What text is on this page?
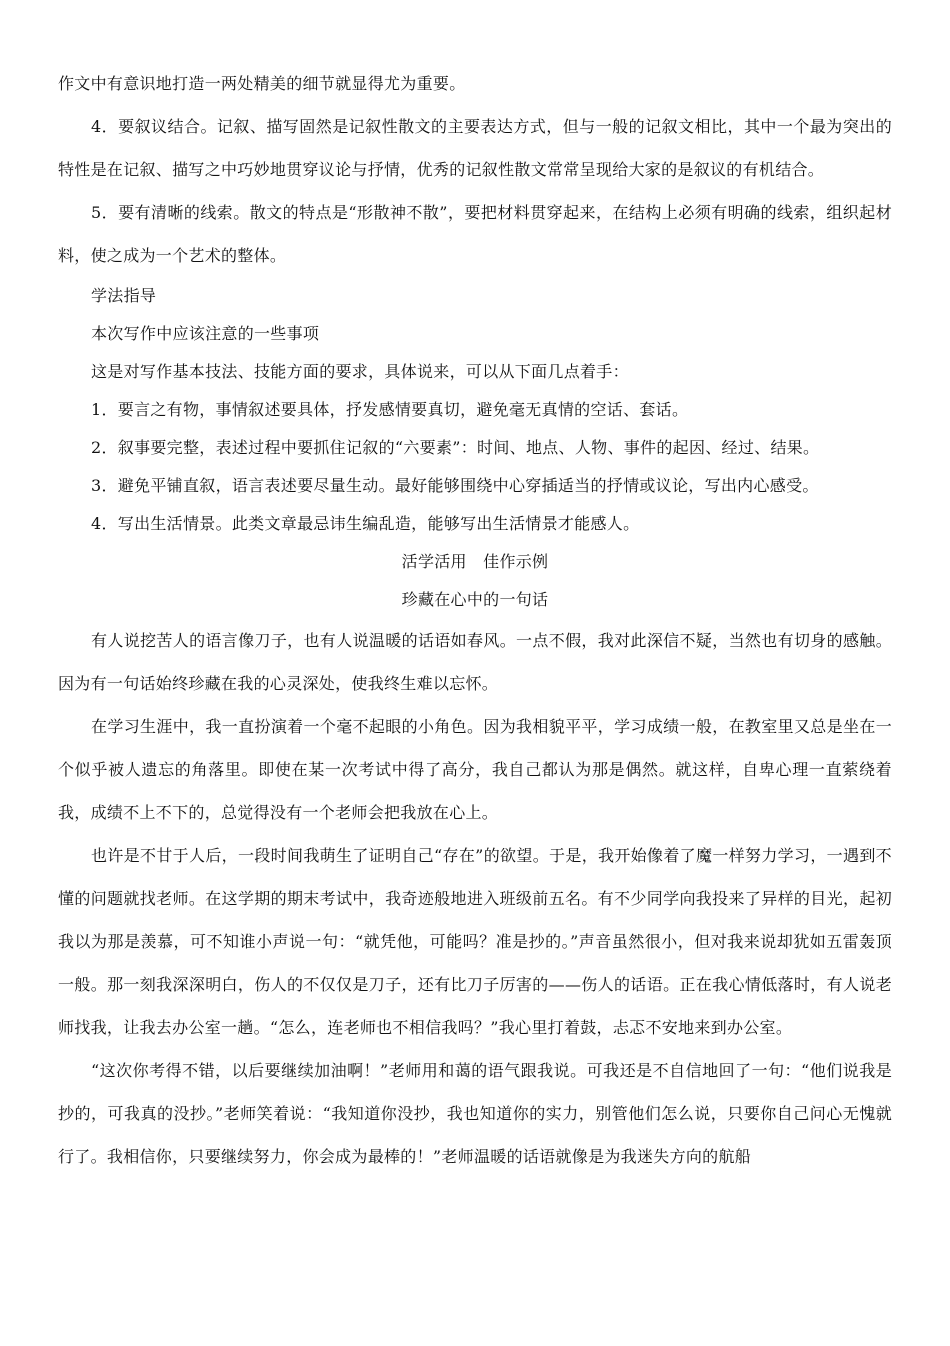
作文中有意识地打造一两处精美的细节就显得尤为重要。

4．要叙议结合。记叙、描写固然是记叙性散文的主要表达方式，但与一般的记叙文相比，其中一个最为突出的特性是在记叙、描写之中巧妙地贯穿议论与抒情，优秀的记叙性散文常常呈现给大家的是叙议的有机结合。

5．要有清晰的线索。散文的特点是“形散神不散”，要把材料贯穿起来，在结构上必须有明确的线索，组织起材料，使之成为一个艺术的整体。

学法指导

本次写作中应该注意的一些事项

这是对写作基本技法、技能方面的要求，具体说来，可以从下面几点着手：

1．要言之有物，事情叙述要具体，抒发感情要真切，避免毫无真情的空话、套话。

2．叙事要完整，表述过程中要抓住记叙的“六要素”：时间、地点、人物、事件的起因、经过、结果。

3．避免平铺直叙，语言表述要尽量生动。最好能够围绕中心穿插适当的抒情或议论，写出内心感受。

4．写出生活情景。此类文章最忌讳生编乱造，能够写出生活情景才能感人。

活学活用　佳作示例

珍藏在心中的一句话

有人说挖苦人的语言像刀子，也有人说温暖的话语如春风。一点不假，我对此深信不疑，当然也有切身的感触。因为有一句话始终珍藏在我的心灵深处，使我终生难以忘怀。

在学习生涯中，我一直扮演着一个毫不起眼的小角色。因为我相貌平平，学习成绩一般，在教室里又总是坐在一个似乎被人遗忘的角落里。即使在某一次考试中得了高分，我自己都认为那是偶然。就这样，自卑心理一直萦绕着我，成绩不上不下的，总觉得没有一个老师会把我放在心上。

也许是不甘于人后，一段时间我萌生了证明自己“存在”的欲望。于是，我开始像着了魔一样努力学习，一遇到不懂的问题就找老师。在这学期的期末考试中，我奇迹般地进入班级前五名。有不少同学向我投来了异样的目光，起初我以为那是羡慕，可不知谁小声说一句：“就凭他，可能吗？准是抄的。”声音虽然很小，但对我来说却犹如五雷轰顶一般。那一刻我深深明白，伤人的不仅仅是刀子，还有比刀子厉害的——伤人的话语。正在我心情低落时，有人说老师找我，让我去办公室一趟。“怎么，连老师也不相信我吗？”我心里打着鼓，忐忑不安地来到办公室。

“这次你考得不错，以后要继续加油啊！”老师用和蔼的语气跟我说。可我还是不自信地回了一句：“他们说我是抄的，可我真的没抄。”老师笑着说：“我知道你没抄，我也知道你的实力，别管他们怎么说，只要你自己问心无愧就行了。我相信你，只要继续努力，你会成为最棒的！”老师温暖的话语就像是为我迷失方向的航船
